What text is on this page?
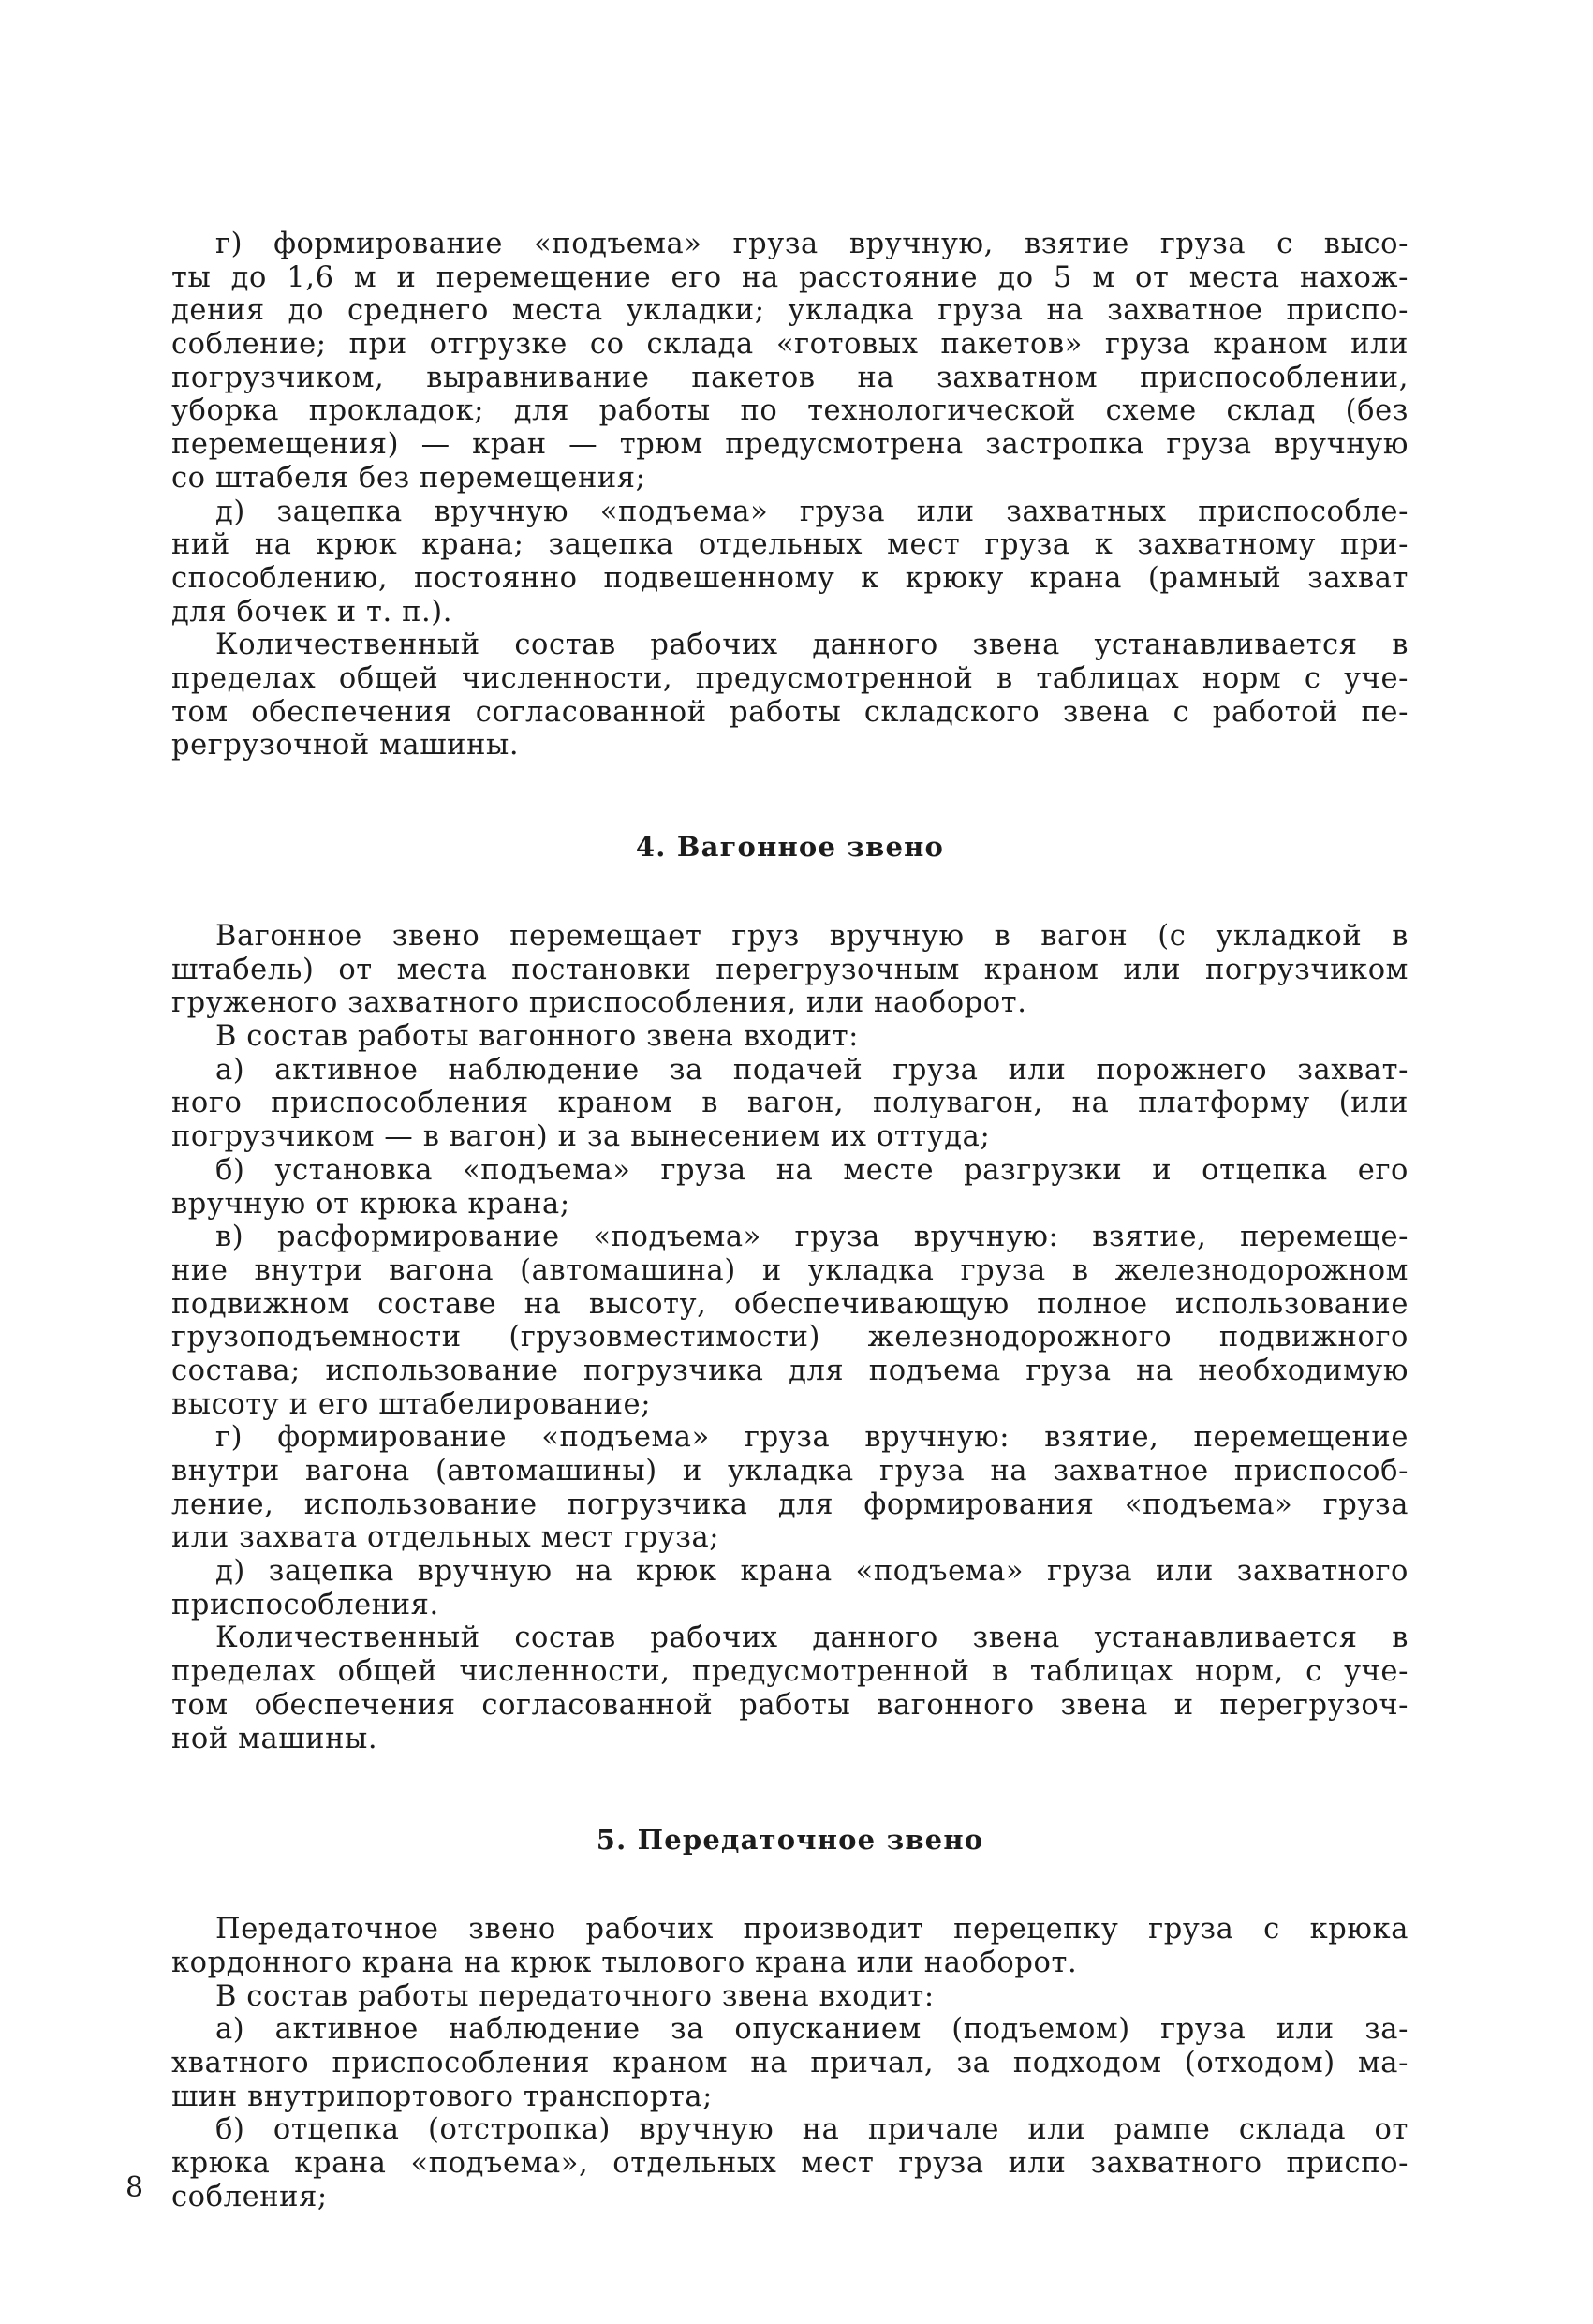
г) формирование «подъема» груза вручную, взятие груза с высо-
ты до 1,6 м и перемещение его на расстояние до 5 м от места нахож-
дения до среднего места укладки; укладка груза на захватное приспо-
собление; при отгрузке со склада «готовых пакетов» груза краном или
погрузчиком, выравнивание пакетов на захватном приспособлении,
уборка прокладок; для работы по технологической схеме склад (без
перемещения) — кран — трюм предусмотрена застропка груза вручную
со штабеля без перемещения;
д) зацепка вручную «подъема» груза или захватных приспособле-
ний на крюк крана; зацепка отдельных мест груза к захватному при-
способлению, постоянно подвешенному к крюку крана (рамный захват
для бочек и т. п.).
Количественный состав рабочих данного звена устанавливается в
пределах общей численности, предусмотренной в таблицах норм с уче-
том обеспечения согласованной работы складского звена с работой пе-
регрузочной машины.
4. Вагонное звено
Вагонное звено перемещает груз вручную в вагон (с укладкой в
штабель) от места постановки перегрузочным краном или погрузчиком
груженого захватного приспособления, или наоборот.
В состав работы вагонного звена входит:
а) активное наблюдение за подачей груза или порожнего захват-
ного приспособления краном в вагон, полувагон, на платформу (или
погрузчиком — в вагон) и за вынесением их оттуда;
б) установка «подъема» груза на месте разгрузки и отцепка его
вручную от крюка крана;
в) расформирование «подъема» груза вручную: взятие, перемеще-
ние внутри вагона (автомашина) и укладка груза в железнодорожном
подвижном составе на высоту, обеспечивающую полное использование
грузоподъемности (грузовместимости) железнодорожного подвижного
состава; использование погрузчика для подъема груза на необходимую
высоту и его штабелирование;
г) формирование «подъема» груза вручную: взятие, перемещение
внутри вагона (автомашины) и укладка груза на захватное приспособ-
ление, использование погрузчика для формирования «подъема» груза
или захвата отдельных мест груза;
д) зацепка вручную на крюк крана «подъема» груза или захватного
приспособления.
Количественный состав рабочих данного звена устанавливается в
пределах общей численности, предусмотренной в таблицах норм, с уче-
том обеспечения согласованной работы вагонного звена и перегрузоч-
ной машины.
5. Передаточное звено
Передаточное звено рабочих производит перецепку груза с крюка
кордонного крана на крюк тылового крана или наоборот.
В состав работы передаточного звена входит:
а) активное наблюдение за опусканием (подъемом) груза или за-
хватного приспособления краном на причал, за подходом (отходом) ма-
шин внутрипортового транспорта;
б) отцепка (отстропка) вручную на причале или рампе склада от
крюка крана «подъема», отдельных мест груза или захватного приспо-
собления;
8
